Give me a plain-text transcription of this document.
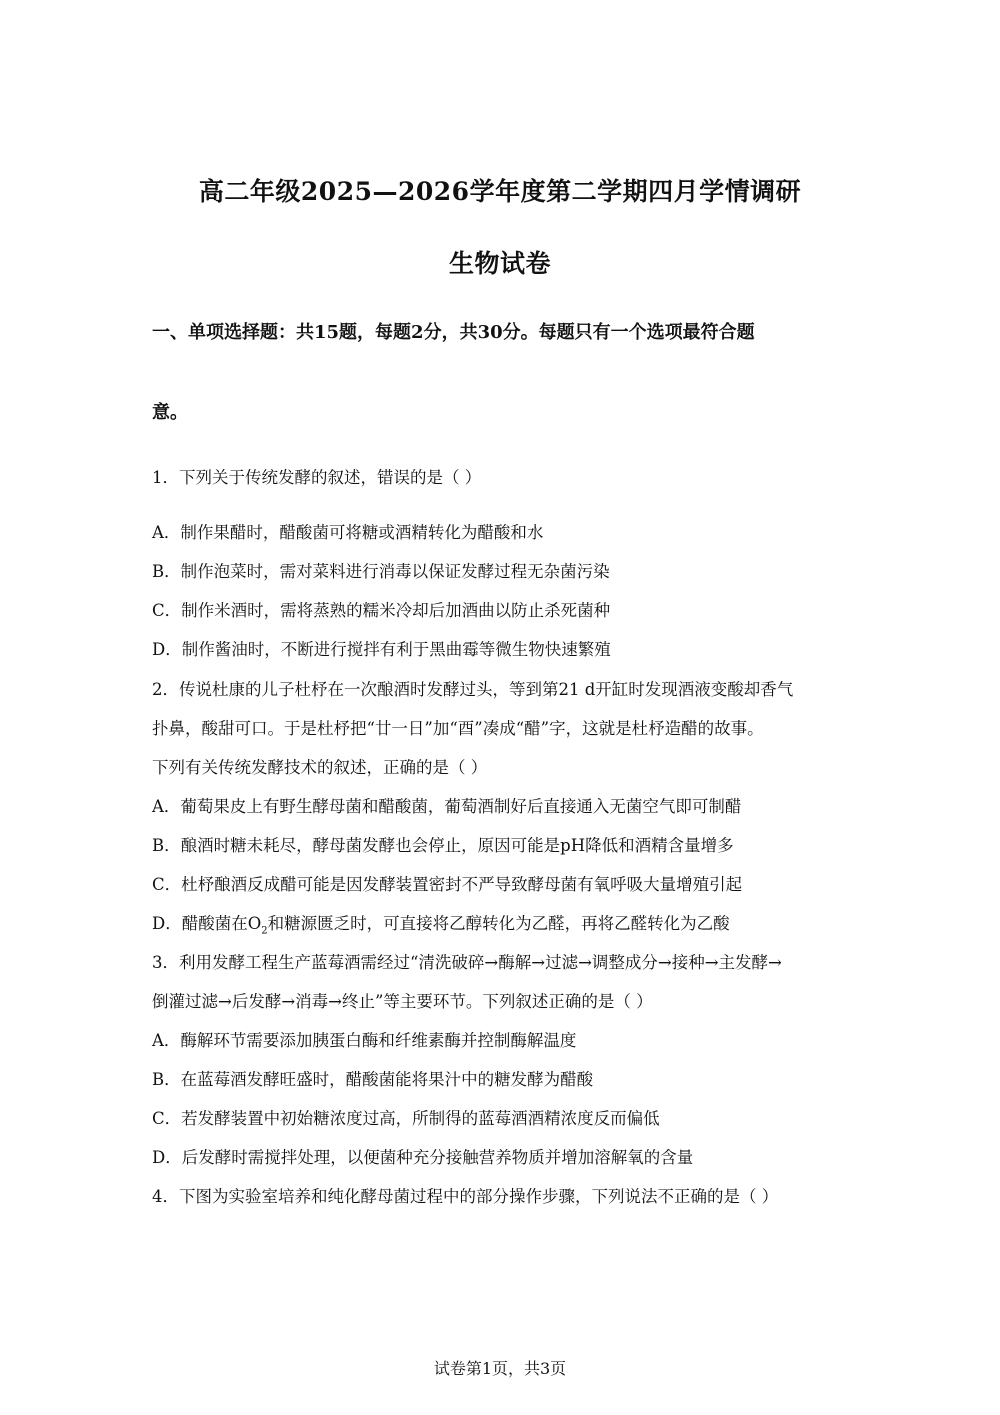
高二年级2025—2026学年度第二学期四月学情调研
生物试卷
一、单项选择题：共15题，每题2分，共30分。每题只有一个选项最符合题
意。
1．下列关于传统发酵的叙述，错误的是（ ）
A．制作果醋时，醋酸菌可将糖或酒精转化为醋酸和水
B．制作泡菜时，需对菜料进行消毒以保证发酵过程无杂菌污染
C．制作米酒时，需将蒸熟的糯米冷却后加酒曲以防止杀死菌种
D．制作酱油时，不断进行搅拌有利于黑曲霉等微生物快速繁殖
2．传说杜康的儿子杜杼在一次酿酒时发酵过头，等到第21 d开缸时发现酒液变酸却香气
扑鼻，酸甜可口。于是杜杼把“廿一日”加“酉”凑成“醋”字，这就是杜杼造醋的故事。
下列有关传统发酵技术的叙述，正确的是（ ）
A．葡萄果皮上有野生酵母菌和醋酸菌，葡萄酒制好后直接通入无菌空气即可制醋
B．酿酒时糖未耗尽，酵母菌发酵也会停止，原因可能是pH降低和酒精含量增多
C．杜杼酿酒反成醋可能是因发酵装置密封不严导致酵母菌有氧呼吸大量增殖引起
D．醋酸菌在$O_2$和糖源匮乏时，可直接将乙醇转化为乙醛，再将乙醛转化为乙酸
3．利用发酵工程生产蓝莓酒需经过“清洗破碎→酶解→过滤→调整成分→接种→主发酵→
倒灌过滤→后发酵→消毒→终止”等主要环节。下列叙述正确的是（ ）
A．酶解环节需要添加胰蛋白酶和纤维素酶并控制酶解温度
B．在蓝莓酒发酵旺盛时，醋酸菌能将果汁中的糖发酵为醋酸
C．若发酵装置中初始糖浓度过高，所制得的蓝莓酒酒精浓度反而偏低
D．后发酵时需搅拌处理，以便菌种充分接触营养物质并增加溶解氧的含量
4．下图为实验室培养和纯化酵母菌过程中的部分操作步骤，下列说法不正确的是（ ）
试卷第1页，共3页
